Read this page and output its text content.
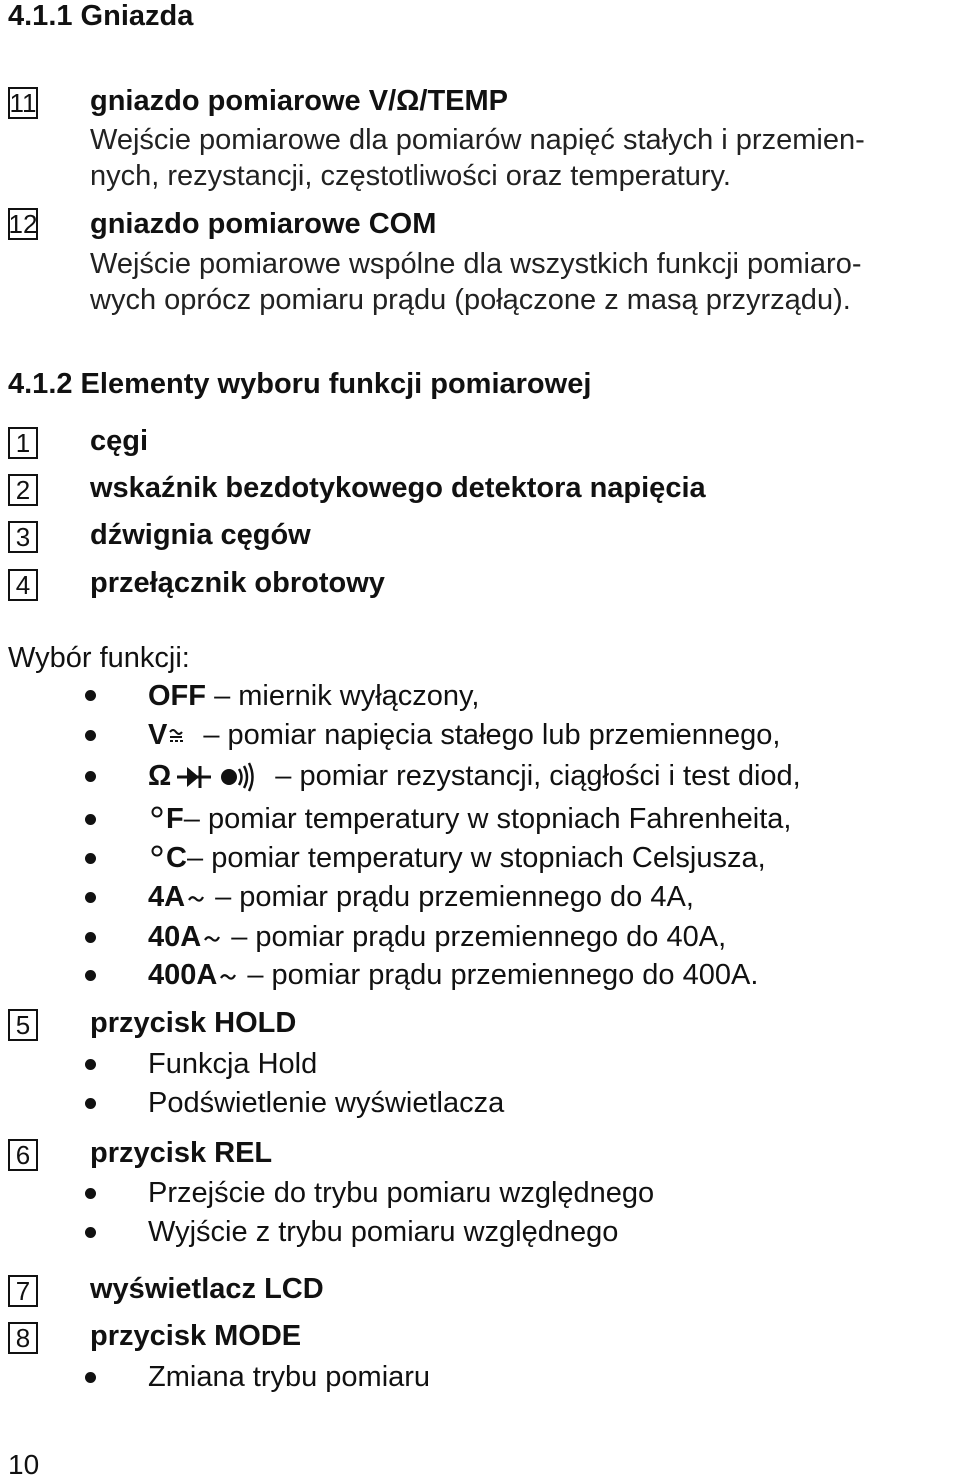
4.1.1 Gniazda
11 gniazdo pomiarowe V/Ω/TEMP
Wejście pomiarowe dla pomiarów napięć stałych i przemien-
nych, rezystancji, częstotliwości oraz temperatury.
12 gniazdo pomiarowe COM
Wejście pomiarowe wspólne dla wszystkich funkcji pomiaro-
wych oprócz pomiaru prądu (połączone z masą przyrządu).
4.1.2 Elementy wyboru funkcji pomiarowej
1 cęgi
2 wskaźnik bezdotykowego detektora napięcia
3 dźwignia cęgów
4 przełącznik obrotowy
Wybór funkcji:
OFF – miernik wyłączony,
V – pomiar napięcia stałego lub przemiennego,
Ω	– pomiar rezystancji, ciągłości i test diod,
F – pomiar temperatury w stopniach Fahrenheita,
C – pomiar temperatury w stopniach Celsjusza,
4A – pomiar prądu przemiennego do 4A,
40A – pomiar prądu przemiennego do 40A,
400A – pomiar prądu przemiennego do 400A.
5 przycisk HOLD
Funkcja Hold
Podświetlenie wyświetlacza
6 przycisk REL
Przejście do trybu pomiaru względnego
Wyjście z trybu pomiaru względnego
7 wyświetlacz LCD
8 przycisk MODE
Zmiana trybu pomiaru
10
